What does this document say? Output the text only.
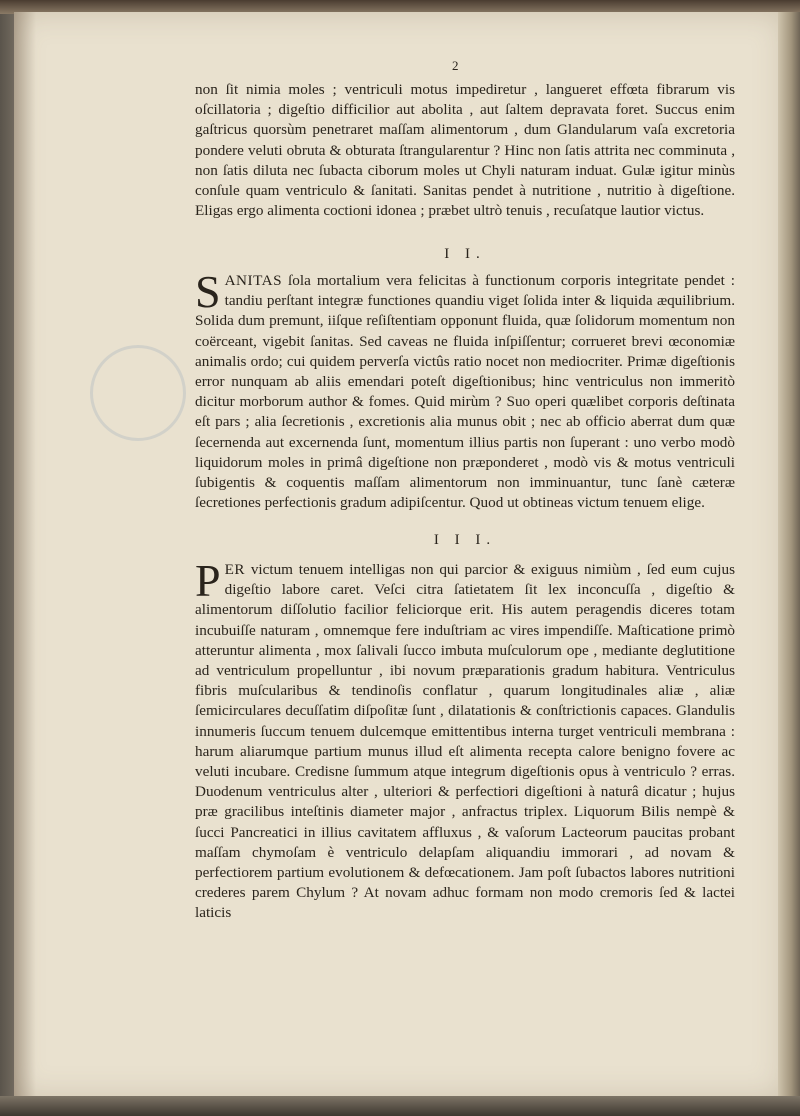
2

non ſit nimia moles ; ventriculi motus impediretur , langueret effœta fibrarum vis oſcillatoria ; digeſtio difficilior aut abolita , aut ſaltem depravata foret. Succus enim gaſtricus quorsùm penetraret maſſam alimentorum , dum Glandularum vaſa excretoria pondere veluti obruta & obturata ſtrangularentur ? Hinc non ſatis attrita nec comminuta , non ſatis diluta nec ſubacta ciborum moles ut Chyli naturam induat. Gulæ igitur minùs conſule quam ventriculo & ſanitati. Sanitas pendet à nutritione , nutritio à digeſtione. Eligas ergo alimenta coctioni idonea ; præbet ultrò tenuis , recuſatque lautior victus.

I I.

SANITAS ſola mortalium vera felicitas à functionum corporis integritate pendet : tandiu perſtant integræ functiones quandiu viget ſolida inter & liquida æquilibrium. Solida dum premunt, iiſque reſiſtentiam opponunt fluida, quæ ſolidorum momentum non coërceant, vigebit ſanitas. Sed caveas ne fluida inſpiſſentur; corrueret brevi œconomiæ animalis ordo; cui quidem perverſa victûs ratio nocet non mediocriter. Primæ digeſtionis error nunquam ab aliis emendari poteſt digeſtionibus; hinc ventriculus non immeritò dicitur morborum author & fomes. Quid mirùm ? Suo operi quælibet corporis deſtinata eſt pars ; alia ſecretionis , excretionis alia munus obit ; nec ab officio aberrat dum quæ ſecernenda aut excernenda ſunt, momentum illius partis non ſuperant : uno verbo modò liquidorum moles in primâ digeſtione non præponderet , modò vis & motus ventriculi ſubigentis & coquentis maſſam alimentorum non imminuantur, tunc ſanè cæteræ ſecretiones perfectionis gradum adipiſcentur. Quod ut obtineas victum tenuem elige.

I I I.

PER victum tenuem intelligas non qui parcior & exiguus nimiùm , ſed eum cujus digeſtio labore caret. Veſci citra ſatietatem ſit lex inconcuſſa , digeſtio & alimentorum diſſolutio facilior feliciorque erit. His autem peragendis diceres totam incubuiſſe naturam , omnemque fere induſtriam ac vires impendiſſe. Maſticatione primò atteruntur alimenta , mox ſalivali ſucco imbuta muſculorum ope , mediante deglutitione ad ventriculum propelluntur , ibi novum præparationis gradum habitura. Ventriculus fibris muſcularibus & tendinoſis conflatur , quarum longitudinales aliæ , aliæ ſemicirculares decuſſatim diſpoſitæ ſunt , dilatationis & conſtrictionis capaces. Glandulis innumeris ſuccum tenuem dulcemque emittentibus interna turget ventriculi membrana : harum aliarumque partium munus illud eſt alimenta recepta calore benigno fovere ac veluti incubare. Credisne ſummum atque integrum digeſtionis opus à ventriculo ? erras. Duodenum ventriculus alter , ulteriori & perfectiori digeſtioni à naturâ dicatur ; hujus præ gracilibus inteſtinis diameter major , anfractus triplex. Liquorum Bilis nempè & ſucci Pancreatici in illius cavitatem affluxus , & vaſorum Lacteorum paucitas probant maſſam chymoſam è ventriculo delapſam aliquandiu immorari , ad novam & perfectiorem partium evolutionem & defœcationem. Jam poſt ſubactos labores nutritioni crederes parem Chylum ? At novam adhuc formam non modo cremoris ſed & lactei laticis
